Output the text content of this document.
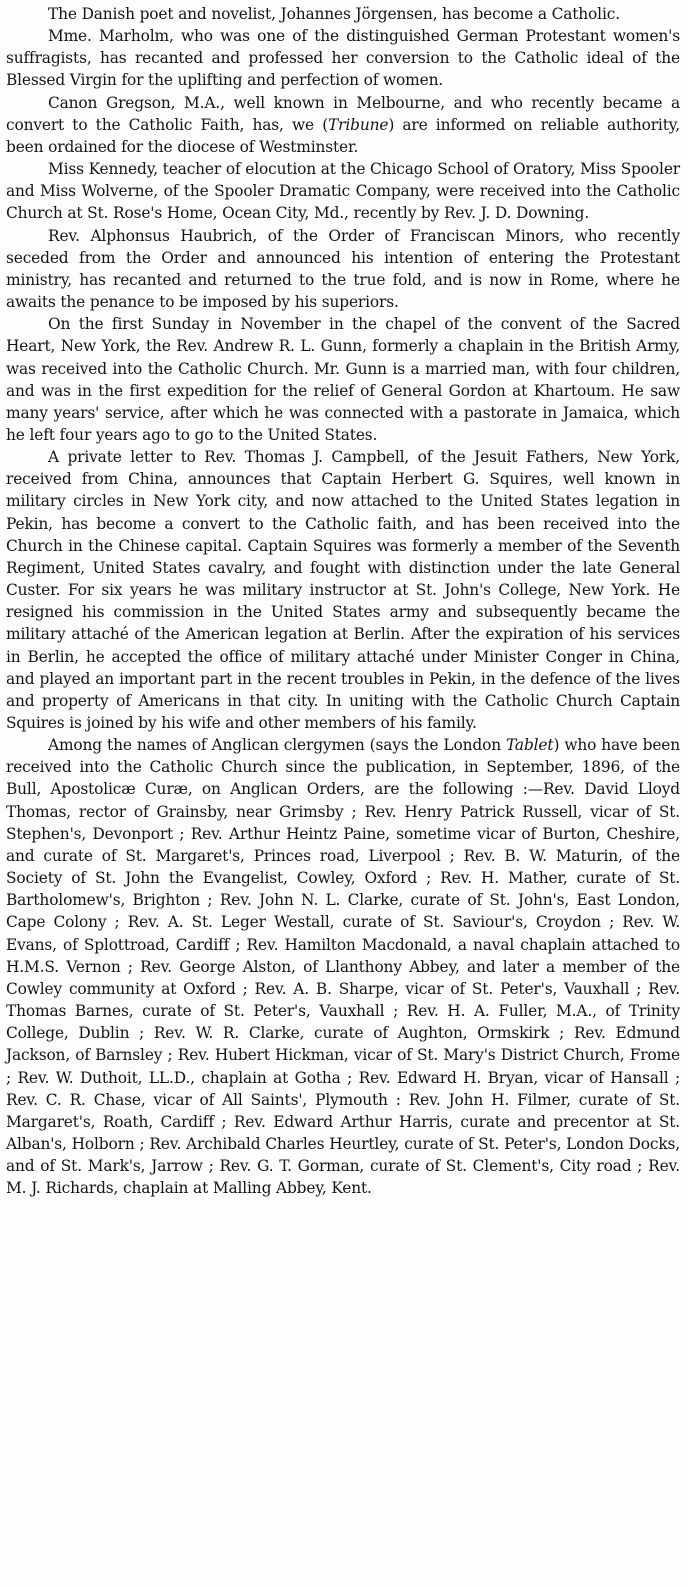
The Danish poet and novelist, Johannes Jörgensen, has become a Catholic.

Mme. Marholm, who was one of the distinguished German Protestant women's suffragists, has recanted and professed her conversion to the Catholic ideal of the Blessed Virgin for the uplifting and perfection of women.

Canon Gregson, M.A., well known in Melbourne, and who recently became a convert to the Catholic Faith, has, we (Tribune) are informed on reliable authority, been ordained for the diocese of Westminster.

Miss Kennedy, teacher of elocution at the Chicago School of Oratory, Miss Spooler and Miss Wolverne, of the Spooler Dramatic Company, were received into the Catholic Church at St. Rose's Home, Ocean City, Md., recently by Rev. J. D. Downing.

Rev. Alphonsus Haubrich, of the Order of Franciscan Minors, who recently seceded from the Order and announced his intention of entering the Protestant ministry, has recanted and returned to the true fold, and is now in Rome, where he awaits the penance to be imposed by his superiors.

On the first Sunday in November in the chapel of the convent of the Sacred Heart, New York, the Rev. Andrew R. L. Gunn, formerly a chaplain in the British Army, was received into the Catholic Church. Mr. Gunn is a married man, with four children, and was in the first expedition for the relief of General Gordon at Khartoum. He saw many years' service, after which he was connected with a pastorate in Jamaica, which he left four years ago to go to the United States.

A private letter to Rev. Thomas J. Campbell, of the Jesuit Fathers, New York, received from China, announces that Captain Herbert G. Squires, well known in military circles in New York city, and now attached to the United States legation in Pekin, has become a convert to the Catholic faith, and has been received into the Church in the Chinese capital. Captain Squires was formerly a member of the Seventh Regiment, United States cavalry, and fought with distinction under the late General Custer. For six years he was military instructor at St. John's College, New York. He resigned his commission in the United States army and subsequently became the military attaché of the American legation at Berlin. After the expiration of his services in Berlin, he accepted the office of military attaché under Minister Conger in China, and played an important part in the recent troubles in Pekin, in the defence of the lives and property of Americans in that city. In uniting with the Catholic Church Captain Squires is joined by his wife and other members of his family.

Among the names of Anglican clergymen (says the London Tablet) who have been received into the Catholic Church since the publication, in September, 1896, of the Bull, Apostolicæ Curæ, on Anglican Orders, are the following :—Rev. David Lloyd Thomas, rector of Grainsby, near Grimsby ; Rev. Henry Patrick Russell, vicar of St. Stephen's, Devonport ; Rev. Arthur Heintz Paine, sometime vicar of Burton, Cheshire, and curate of St. Margaret's, Princes road, Liverpool ; Rev. B. W. Maturin, of the Society of St. John the Evangelist, Cowley, Oxford ; Rev. H. Mather, curate of St. Bartholomew's, Brighton ; Rev. John N. L. Clarke, curate of St. John's, East London, Cape Colony ; Rev. A. St. Leger Westall, curate of St. Saviour's, Croydon ; Rev. W. Evans, of Splottroad, Cardiff ; Rev. Hamilton Macdonald, a naval chaplain attached to H.M.S. Vernon ; Rev. George Alston, of Llanthony Abbey, and later a member of the Cowley community at Oxford ; Rev. A. B. Sharpe, vicar of St. Peter's, Vauxhall ; Rev. Thomas Barnes, curate of St. Peter's, Vauxhall ; Rev. H. A. Fuller, M.A., of Trinity College, Dublin ; Rev. W. R. Clarke, curate of Aughton, Ormskirk ; Rev. Edmund Jackson, of Barnsley ; Rev. Hubert Hickman, vicar of St. Mary's District Church, Frome ; Rev. W. Duthoit, LL.D., chaplain at Gotha ; Rev. Edward H. Bryan, vicar of Hansall ; Rev. C. R. Chase, vicar of All Saints', Plymouth : Rev. John H. Filmer, curate of St. Margaret's, Roath, Cardiff ; Rev. Edward Arthur Harris, curate and precentor at St. Alban's, Holborn ; Rev. Archibald Charles Heurtley, curate of St. Peter's, London Docks, and of St. Mark's, Jarrow ; Rev. G. T. Gorman, curate of St. Clement's, City road ; Rev. M. J. Richards, chaplain at Malling Abbey, Kent.
